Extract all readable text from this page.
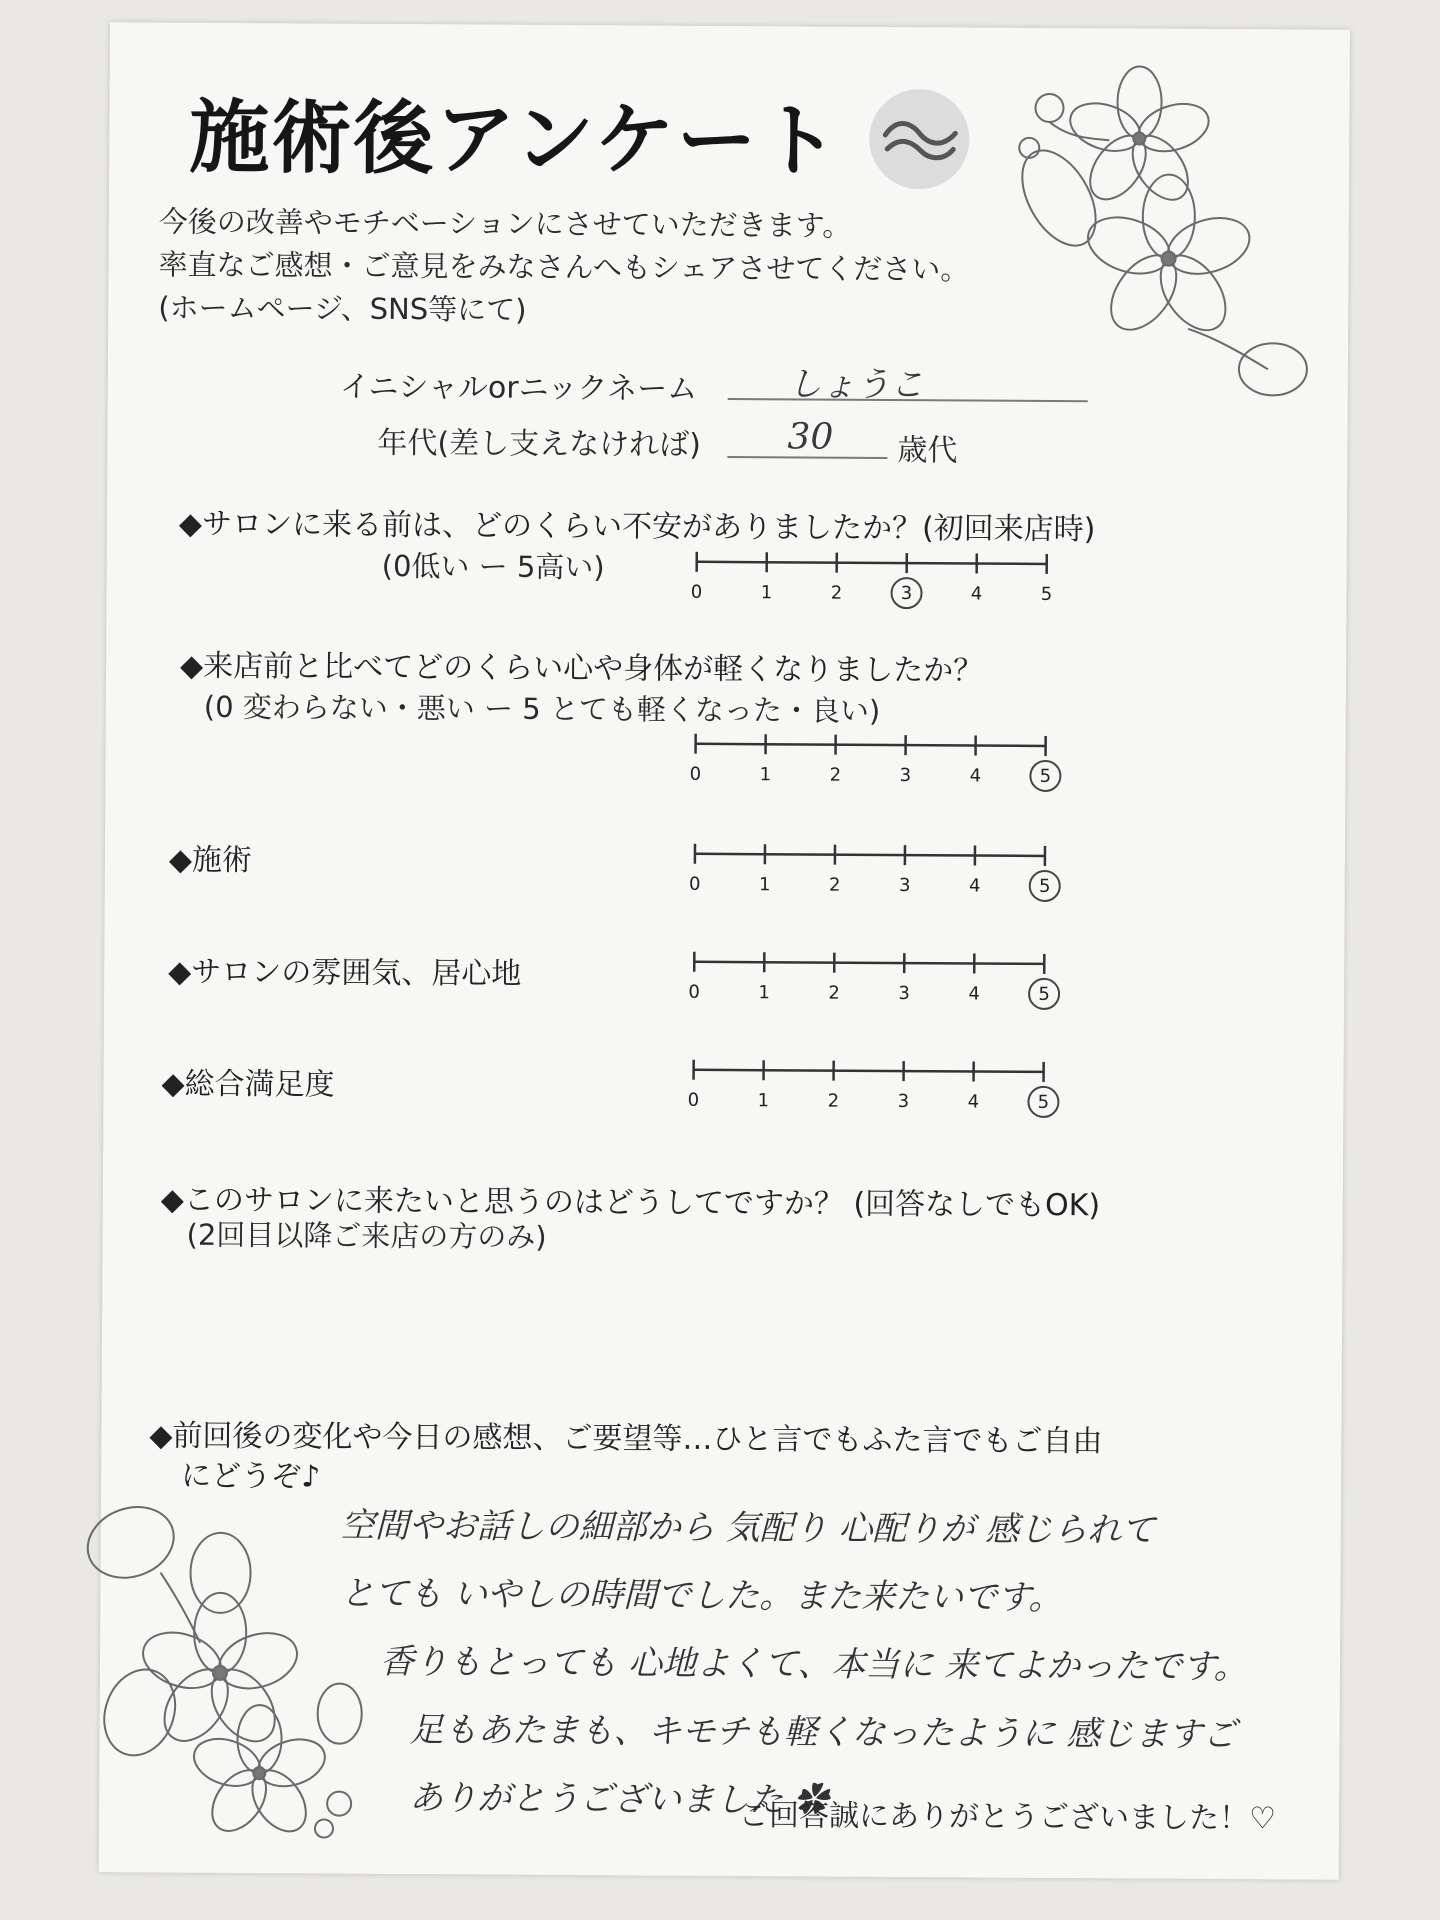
施術後アンケート
今後の改善やモチベーションにさせていただきます。
率直なご感想・ご意見をみなさんへもシェアさせてください。
(ホームページ、SNS等にて)
イニシャルorニックネーム	しょうこ
年代(差し支えなければ) 30 歳代
◆サロンに来る前は、どのくらい不安がありましたか？(初回来店時)
(0低い ー 5高い)
0	1	2	3	4	5
◆来店前と比べてどのくらい心や身体が軽くなりましたか？
(0 変わらない・悪い ー 5 とても軽くなった・良い)
0	1	2	3	4	5
◆施術
0	1	2	3	4	5
◆サロンの雰囲気、居心地
0	1	2	3	4	5
◆総合満足度	0	1	2	3	4	5
◆このサロンに来たいと思うのはどうしてですか？ (回答なしでもOK)
(2回目以降ご来店の方のみ)
◆前回後の変化や今日の感想、ご要望等…ひと言でもふた言でもご自由
にどうぞ♪
空間やお話しの細部から 気配り 心配りが 感じられて
とても いやしの時間でした。また来たいです。
香りもとっても 心地よくて、本当に 来てよかったです。
足もあたまも、キモチも軽くなったように 感じますご
ありがとうございました ✿
ご回答誠にありがとうございました！♡
